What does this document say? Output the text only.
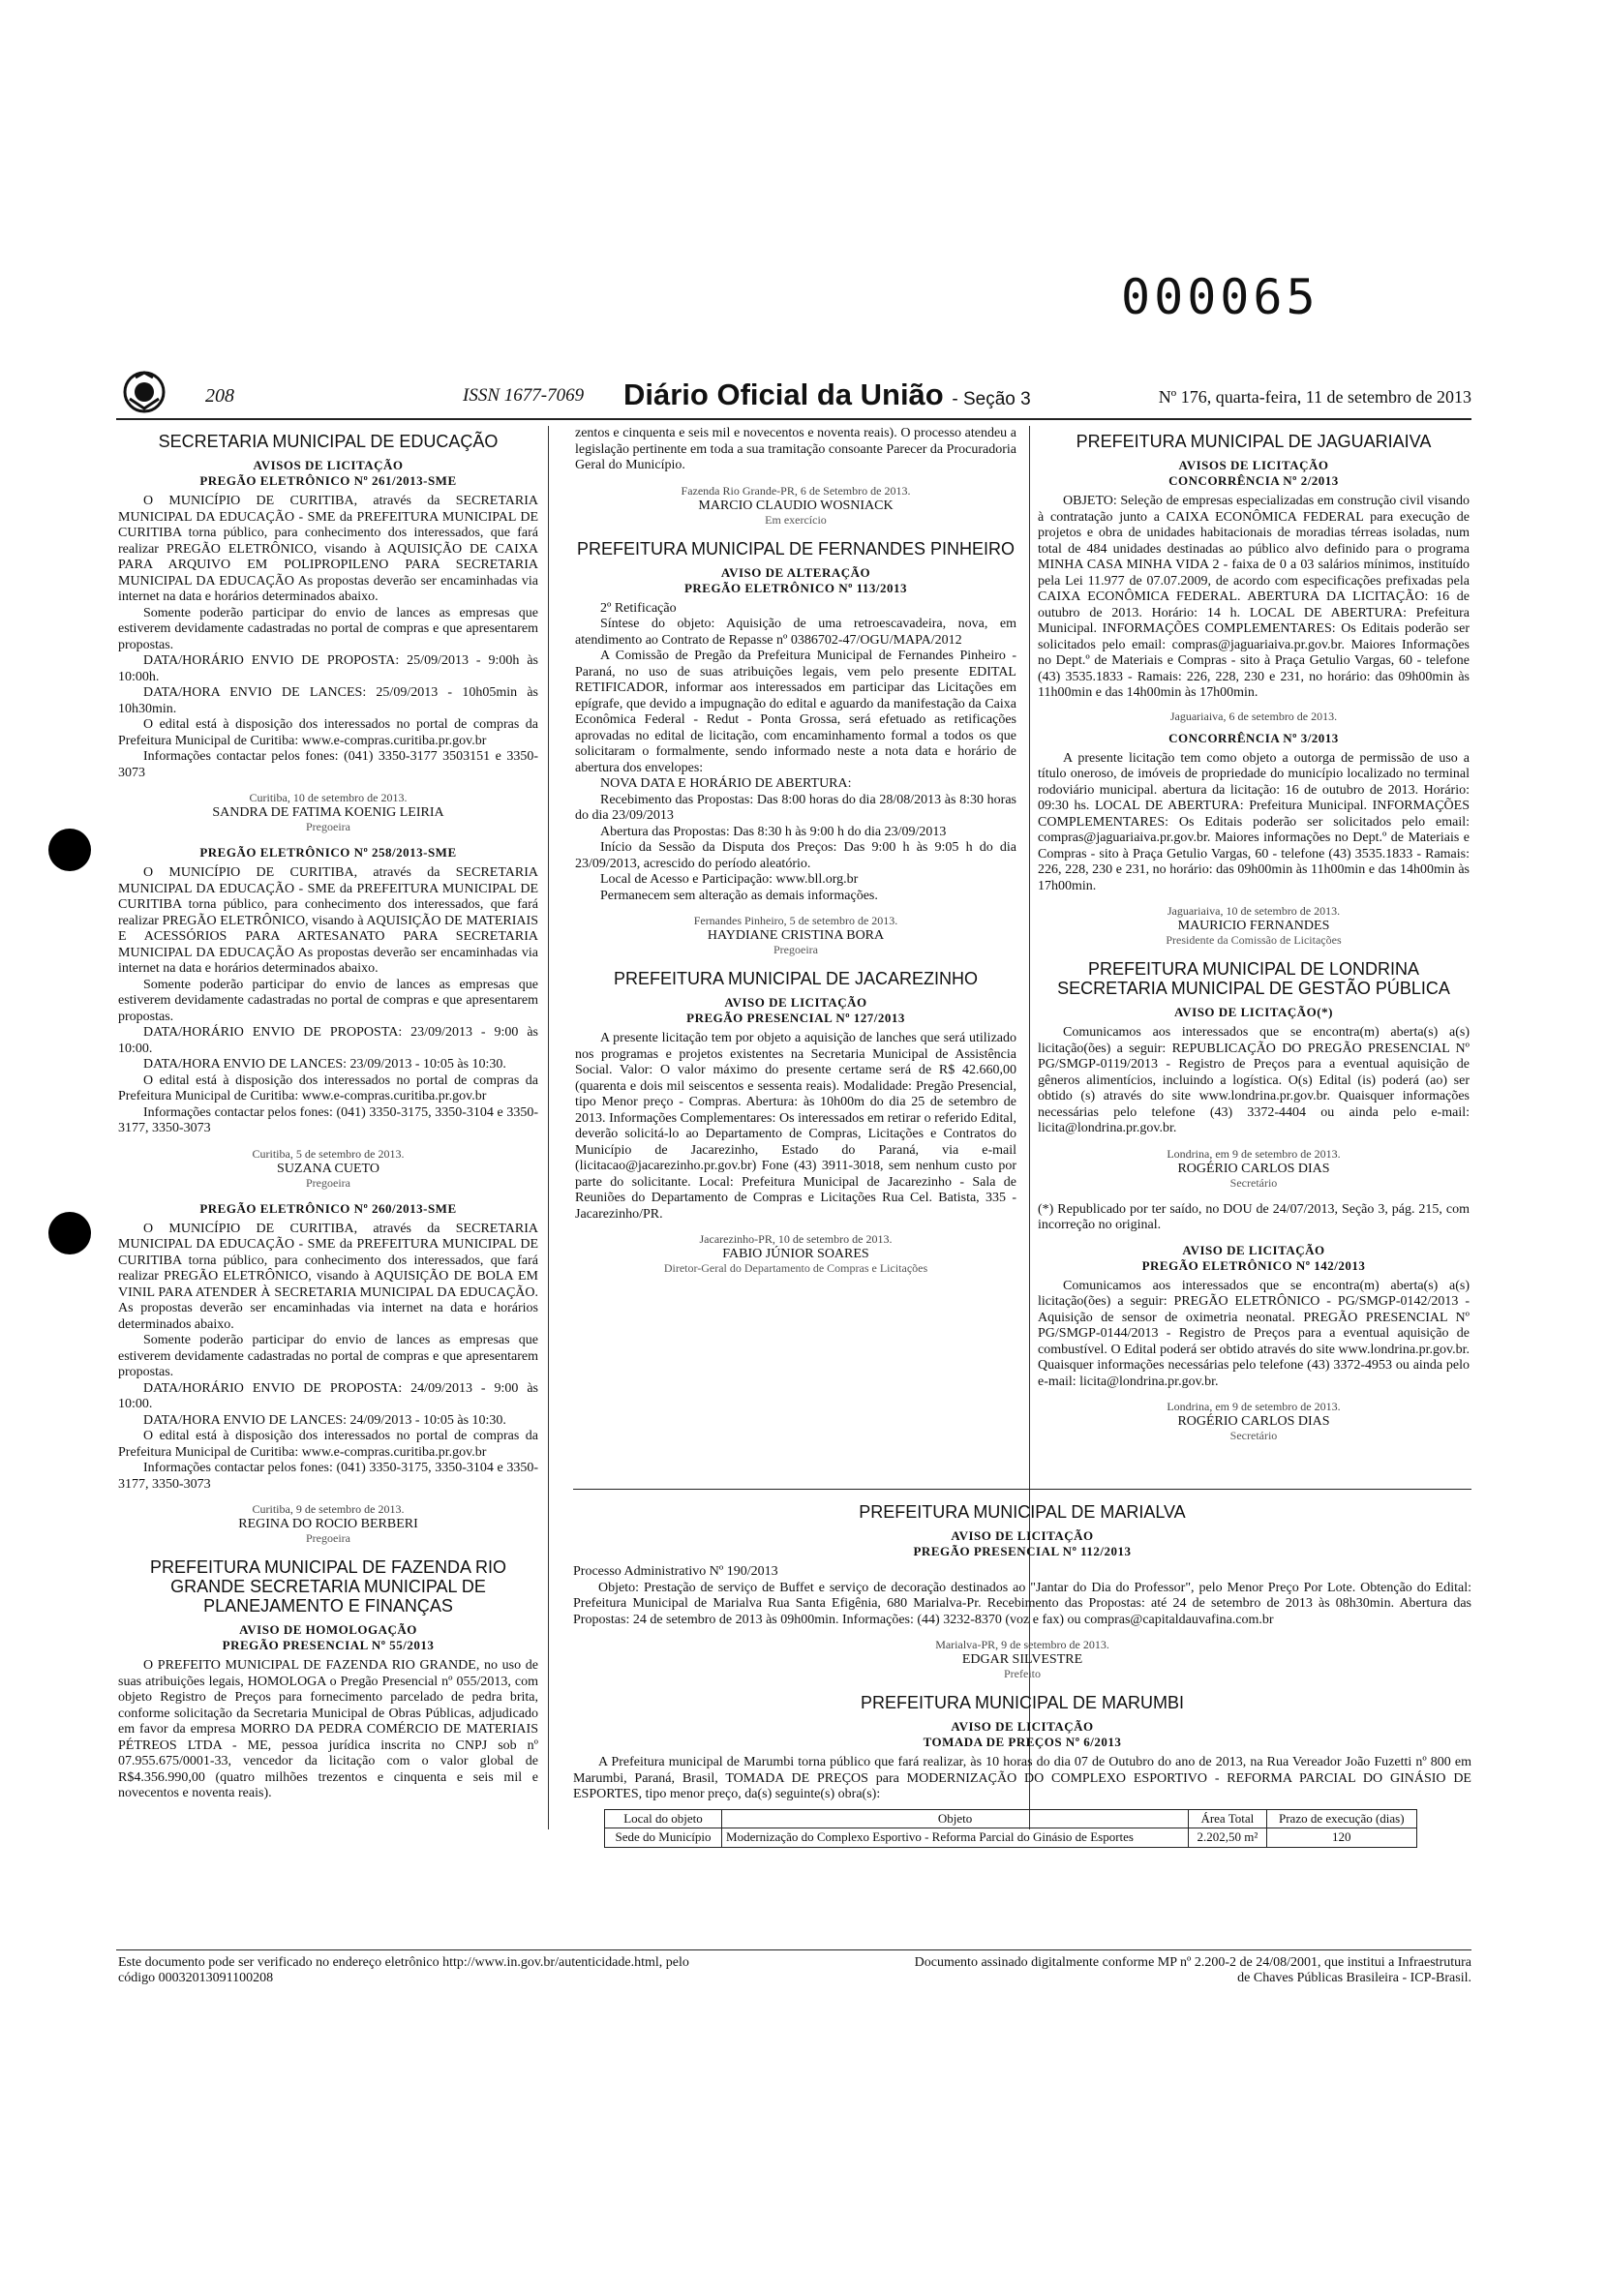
000065
208	ISSN 1677-7069 Diário Oficial da União - Seção 3	Nº 176, quarta-feira, 11 de setembro de 2013
SECRETARIA MUNICIPAL DE EDUCAÇÃO
AVISOS DE LICITAÇÃO
PREGÃO ELETRÔNICO Nº 261/2013-SME

O MUNICÍPIO DE CURITIBA, através da SECRETARIA MUNICIPAL DA EDUCAÇÃO - SME da PREFEITURA MUNICIPAL DE CURITIBA torna público, para conhecimento dos interessados, que fará realizar PREGÃO ELETRÔNICO, visando à AQUISIÇÃO DE CAIXA PARA ARQUIVO EM POLIPROPILENO PARA SECRETARIA MUNICIPAL DA EDUCAÇÃO As propostas deverão ser encaminhadas via internet na data e horários determinados abaixo.

Somente poderão participar do envio de lances as empresas que estiverem devidamente cadastradas no portal de compras e que apresentarem propostas.

DATA/HORÁRIO ENVIO DE PROPOSTA: 25/09/2013 - 9:00h às 10:00h.

DATA/HORA ENVIO DE LANCES: 25/09/2013 - 10h05min às 10h30min.

O edital está à disposição dos interessados no portal de compras da Prefeitura Municipal de Curitiba: www.e-compras.curitiba.pr.gov.br

Informações contactar pelos fones: (041) 3350-3177 3503151 e 3350-3073

Curitiba, 10 de setembro de 2013.
SANDRA DE FATIMA KOENIG LEIRIA
Pregoeira
PREGÃO ELETRÔNICO Nº 258/2013-SME

O MUNICÍPIO DE CURITIBA, através da SECRETARIA MUNICIPAL DA EDUCAÇÃO - SME da PREFEITURA MUNICIPAL DE CURITIBA torna público, para conhecimento dos interessados, que fará realizar PREGÃO ELETRÔNICO, visando à AQUISIÇÃO DE MATERIAIS E ACESSÓRIOS PARA ARTESANATO PARA SECRETARIA MUNICIPAL DA EDUCAÇÃO As propostas deverão ser encaminhadas via internet na data e horários determinados abaixo.

Somente poderão participar do envio de lances as empresas que estiverem devidamente cadastradas no portal de compras e que apresentarem propostas.

DATA/HORÁRIO ENVIO DE PROPOSTA: 23/09/2013 - 9:00 às 10:00.

DATA/HORA ENVIO DE LANCES: 23/09/2013 - 10:05 às 10:30.

O edital está à disposição dos interessados no portal de compras da Prefeitura Municipal de Curitiba: www.e-compras.curitiba.pr.gov.br

Informações contactar pelos fones: (041) 3350-3175, 3350-3104 e 3350-3177, 3350-3073

Curitiba, 5 de setembro de 2013.
SUZANA CUETO
Pregoeira
PREGÃO ELETRÔNICO Nº 260/2013-SME

O MUNICÍPIO DE CURITIBA, através da SECRETARIA MUNICIPAL DA EDUCAÇÃO - SME da PREFEITURA MUNICIPAL DE CURITIBA torna público, para conhecimento dos interessados, que fará realizar PREGÃO ELETRÔNICO, visando à AQUISIÇÃO DE BOLA EM VINIL PARA ATENDER À SECRETARIA MUNICIPAL DA EDUCAÇÃO. As propostas deverão ser encaminhadas via internet na data e horários determinados abaixo.

Somente poderão participar do envio de lances as empresas que estiverem devidamente cadastradas no portal de compras e que apresentarem propostas.

DATA/HORÁRIO ENVIO DE PROPOSTA: 24/09/2013 - 9:00 às 10:00.

DATA/HORA ENVIO DE LANCES: 24/09/2013 - 10:05 às 10:30.

O edital está à disposição dos interessados no portal de compras da Prefeitura Municipal de Curitiba: www.e-compras.curitiba.pr.gov.br

Informações contactar pelos fones: (041) 3350-3175, 3350-3104 e 3350-3177, 3350-3073

Curitiba, 9 de setembro de 2013.
REGINA DO ROCIO BERBERI
Pregoeira
PREFEITURA MUNICIPAL DE FAZENDA RIO GRANDE SECRETARIA MUNICIPAL DE PLANEJAMENTO E FINANÇAS
AVISO DE HOMOLOGAÇÃO
PREGÃO PRESENCIAL Nº 55/2013

O PREFEITO MUNICIPAL DE FAZENDA RIO GRANDE, no uso de suas atribuições legais, HOMOLOGA o Pregão Presencial nº 055/2013, com objeto Registro de Preços para fornecimento parcelado de pedra brita, conforme solicitação da Secretaria Municipal de Obras Públicas, adjudicado em favor da empresa MORRO DA PEDRA COMÉRCIO DE MATERIAIS PÉTREOS LTDA - ME, pessoa jurídica inscrita no CNPJ sob nº 07.955.675/0001-33, vencedor da licitação com o valor global de R$4.356.990,00 (quatro milhões trezentos e cinquenta e seis mil e novecentos e noventa reais).

zentos e cinquenta e seis mil e novecentos e noventa reais). O processo atendeu a legislação pertinente em toda a sua tramitação consoante Parecer da Procuradoria Geral do Município.

Fazenda Rio Grande-PR, 6 de Setembro de 2013.
MARCIO CLAUDIO WOSNIACK
Em exercício
PREFEITURA MUNICIPAL DE FERNANDES PINHEIRO
AVISO DE ALTERAÇÃO
PREGÃO ELETRÔNICO Nº 113/2013

2º Retificação

Síntese do objeto: Aquisição de uma retroescavadeira, nova, em atendimento ao Contrato de Repasse nº 0386702-47/OGU/MAPA/2012

A Comissão de Pregão da Prefeitura Municipal de Fernandes Pinheiro - Paraná, no uso de suas atribuições legais, vem pelo presente EDITAL RETIFICADOR, informar aos interessados em participar das Licitações em epígrafe, que devido a impugnação do edital e aguardo da manifestação da Caixa Econômica Federal - Redut - Ponta Grossa, será efetuado as retificações aprovadas no edital de licitação, com encaminhamento formal a todos os que solicitaram o formalmente, sendo informado neste a nota data e horário de abertura dos envelopes:

NOVA DATA E HORÁRIO DE ABERTURA:

Recebimento das Propostas: Das 8:00 horas do dia 28/08/2013 às 8:30 horas do dia 23/09/2013

Abertura das Propostas: Das 8:30 h às 9:00 h do dia 23/09/2013

Início da Sessão da Disputa dos Preços: Das 9:00 h às 9:05 h do dia 23/09/2013, acrescido do período aleatório.

Local de Acesso e Participação: www.bll.org.br

Permanecem sem alteração as demais informações.

Fernandes Pinheiro, 5 de setembro de 2013.
HAYDIANE CRISTINA BORA
Pregoeira
PREFEITURA MUNICIPAL DE JACAREZINHO
AVISO DE LICITAÇÃO
PREGÃO PRESENCIAL Nº 127/2013

A presente licitação tem por objeto a aquisição de lanches que será utilizado nos programas e projetos existentes na Secretaria Municipal de Assistência Social. Valor: O valor máximo do presente certame será de R$ 42.660,00 (quarenta e dois mil seiscentos e sessenta reais). Modalidade: Pregão Presencial, tipo Menor preço - Compras. Abertura: às 10h00m do dia 25 de setembro de 2013. Informações Complementares: Os interessados em retirar o referido Edital, deverão solicitá-lo ao Departamento de Compras, Licitações e Contratos do Município de Jacarezinho, Estado do Paraná, via e-mail (licitacao@jacarezinho.pr.gov.br) Fone (43) 3911-3018, sem nenhum custo por parte do solicitante. Local: Prefeitura Municipal de Jacarezinho - Sala de Reuniões do Departamento de Compras e Licitações Rua Cel. Batista, 335 - Jacarezinho/PR.

Jacarezinho-PR, 10 de setembro de 2013.
FABIO JÚNIOR SOARES
Diretor-Geral do Departamento de Compras e Licitações
PREFEITURA MUNICIPAL DE JAGUARIAIVA
AVISOS DE LICITAÇÃO
CONCORRÊNCIA Nº 2/2013

OBJETO: Seleção de empresas especializadas em construção civil visando à contratação junto a CAIXA ECONÔMICA FEDERAL para execução de projetos e obra de unidades habitacionais de moradias térreas isoladas, num total de 484 unidades destinadas ao público alvo definido para o programa MINHA CASA MINHA VIDA 2 - faixa de 0 a 03 salários mínimos, instituído pela Lei 11.977 de 07.07.2009, de acordo com especificações prefixadas pela CAIXA ECONÔMICA FEDERAL. ABERTURA DA LICITAÇÃO: 16 de outubro de 2013. Horário: 14 h. LOCAL DE ABERTURA: Prefeitura Municipal. INFORMAÇÕES COMPLEMENTARES: Os Editais poderão ser solicitados pelo email: compras@jaguariaiva.pr.gov.br. Maiores Informações no Dept.º de Materiais e Compras - sito à Praça Getulio Vargas, 60 - telefone (43) 3535.1833 - Ramais: 226, 228, 230 e 231, no horário: das 09h00min às 11h00min e das 14h00min às 17h00min.

Jaguariaiva, 6 de setembro de 2013.
CONCORRÊNCIA Nº 3/2013

A presente licitação tem como objeto a outorga de permissão de uso a título oneroso, de imóveis de propriedade do município localizado no terminal rodoviário municipal. abertura da licitação: 16 de outubro de 2013. Horário: 09:30 hs. LOCAL DE ABERTURA: Prefeitura Municipal. INFORMAÇÕES COMPLEMENTARES: Os Editais poderão ser solicitados pelo email: compras@jaguariaiva.pr.gov.br. Maiores informações no Dept.º de Materiais e Compras - sito à Praça Getulio Vargas, 60 - telefone (43) 3535.1833 - Ramais: 226, 228, 230 e 231, no horário: das 09h00min às 11h00min e das 14h00min às 17h00min.

Jaguariaiva, 10 de setembro de 2013.
MAURICIO FERNANDES
Presidente da Comissão de Licitações
PREFEITURA MUNICIPAL DE LONDRINA SECRETARIA MUNICIPAL DE GESTÃO PÚBLICA
AVISO DE LICITAÇÃO(*)

Comunicamos aos interessados que se encontra(m) aberta(s) a(s) licitação(ões) a seguir: REPUBLICAÇÃO DO PREGÃO PRESENCIAL Nº PG/SMGP-0119/2013 - Registro de Preços para a eventual aquisição de gêneros alimentícios, incluindo a logística. O(s) Edital (is) poderá (ao) ser obtido (s) através do site www.londrina.pr.gov.br. Quaisquer informações necessárias pelo telefone (43) 3372-4404 ou ainda pelo e-mail: licita@londrina.pr.gov.br.

Londrina, em 9 de setembro de 2013.
ROGÉRIO CARLOS DIAS
Secretário

(*) Republicado por ter saído, no DOU de 24/07/2013, Seção 3, pág. 215, com incorreção no original.

AVISO DE LICITAÇÃO
PREGÃO ELETRÔNICO Nº 142/2013

Comunicamos aos interessados que se encontra(m) aberta(s) a(s) licitação(ões) a seguir: PREGÃO ELETRÔNICO - PG/SMGP-0142/2013 - Aquisição de sensor de oximetria neonatal. PREGÃO PRESENCIAL Nº PG/SMGP-0144/2013 - Registro de Preços para a eventual aquisição de combustível. O Edital poderá ser obtido através do site www.londrina.pr.gov.br. Quaisquer informações necessárias pelo telefone (43) 3372-4953 ou ainda pelo e-mail: licita@londrina.pr.gov.br.

Londrina, em 9 de setembro de 2013.
ROGÉRIO CARLOS DIAS
Secretário
PREFEITURA MUNICIPAL DE MARIALVA
AVISO DE LICITAÇÃO
PREGÃO PRESENCIAL Nº 112/2013

Processo Administrativo Nº 190/2013

Objeto: Prestação de serviço de Buffet e serviço de decoração destinados ao "Jantar do Dia do Professor", pelo Menor Preço Por Lote. Obtenção do Edital: Prefeitura Municipal de Marialva Rua Santa Efigênia, 680 Marialva-Pr. Recebimento das Propostas: até 24 de setembro de 2013 às 08h30min. Abertura das Propostas: 24 de setembro de 2013 às 09h00min. Informações: (44) 3232-8370 (voz e fax) ou compras@capitaldauvafina.com.br

Marialva-PR, 9 de setembro de 2013.
EDGAR SILVESTRE
Prefeito
PREFEITURA MUNICIPAL DE MARUMBI
AVISO DE LICITAÇÃO
TOMADA DE PREÇOS Nº 6/2013

A Prefeitura municipal de Marumbi torna público que fará realizar, às 10 horas do dia 07 de Outubro do ano de 2013, na Rua Vereador João Fuzetti nº 800 em Marumbi, Paraná, Brasil, TOMADA DE PREÇOS para MODERNIZAÇÃO DO COMPLEXO ESPORTIVO - REFORMA PARCIAL DO GINÁSIO DE ESPORTES, tipo menor preço, da(s) seguinte(s) obra(s):

Local do objeto	Objeto	Área Total	Prazo de execução (dias)
Sede do Município	Modernização do Complexo Esportivo - Reforma Parcial do Ginásio de Esportes	2.202,50 m²	120
Este documento pode ser verificado no endereço eletrônico http://www.in.gov.br/autenticidade.html, pelo código 00032013091100208
Documento assinado digitalmente conforme MP nº 2.200-2 de 24/08/2001, que institui a Infraestrutura de Chaves Públicas Brasileira - ICP-Brasil.
